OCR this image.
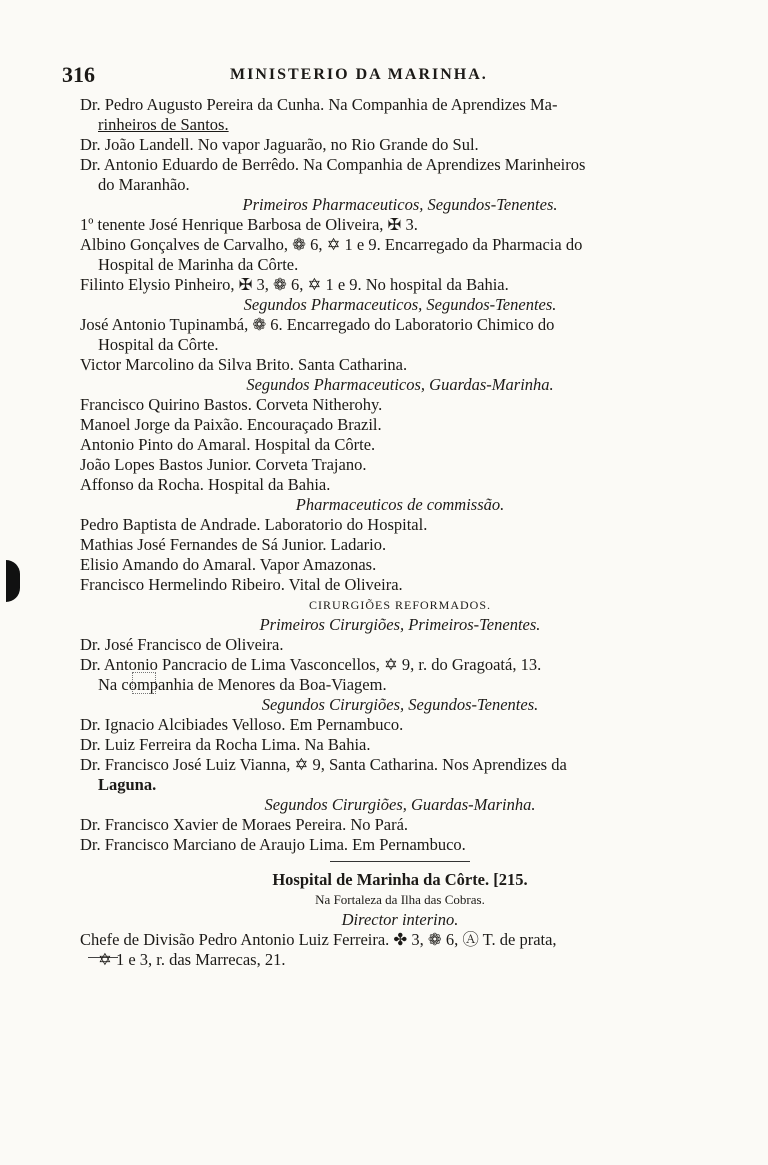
316	MINISTERIO DA MARINHA.
Dr. Pedro Augusto Pereira da Cunha. Na Companhia de Aprendizes Ma-
rinheiros de Santos.
Dr. João Landell. No vapor Jaguarão, no Rio Grande do Sul.
Dr. Antonio Eduardo de Berrêdo. Na Companhia de Aprendizes Marinheiros
do Maranhão.
Primeiros Pharmaceuticos, Segundos-Tenentes.
1º tenente José Henrique Barbosa de Oliveira, ✠ 3.
Albino Gonçalves de Carvalho, ❁ 6, ✡ 1 e 9. Encarregado da Pharmacia do
Hospital de Marinha da Côrte.
Filinto Elysio Pinheiro, ✠ 3, ❁ 6, ✡ 1 e 9. No hospital da Bahia.
Segundos Pharmaceuticos, Segundos-Tenentes.
José Antonio Tupinambá, ❁ 6. Encarregado do Laboratorio Chimico do
Hospital da Côrte.
Victor Marcolino da Silva Brito. Santa Catharina.
Segundos Pharmaceuticos, Guardas-Marinha.
Francisco Quirino Bastos. Corveta Nitherohy.
Manoel Jorge da Paixão. Encouraçado Brazil.
Antonio Pinto do Amaral. Hospital da Côrte.
João Lopes Bastos Junior. Corveta Trajano.
Affonso da Rocha. Hospital da Bahia.
Pharmaceuticos de commissão.
Pedro Baptista de Andrade. Laboratorio do Hospital.
Mathias José Fernandes de Sá Junior. Ladario.
Elisio Amando do Amaral. Vapor Amazonas.
Francisco Hermelindo Ribeiro. Vital de Oliveira.
CIRURGIÕES REFORMADOS.
Primeiros Cirurgiões, Primeiros-Tenentes.
Dr. José Francisco de Oliveira.
Dr. Antonio Pancracio de Lima Vasconcellos, ✡ 9, r. do Gragoatá, 13.
Na companhia de Menores da Boa-Viagem.
Segundos Cirurgiões, Segundos-Tenentes.
Dr. Ignacio Alcibiades Velloso. Em Pernambuco.
Dr. Luiz Ferreira da Rocha Lima. Na Bahia.
Dr. Francisco José Luiz Vianna, ✡ 9, Santa Catharina. Nos Aprendizes da
Laguna.
Segundos Cirurgiões, Guardas-Marinha.
Dr. Francisco Xavier de Moraes Pereira. No Pará.
Dr. Francisco Marciano de Araujo Lima. Em Pernambuco.
Hospital de Marinha da Côrte. [215.
Na Fortaleza da Ilha das Cobras.
Director interino.
Chefe de Divisão Pedro Antonio Luiz Ferreira. ✤ 3, ❁ 6, Ⓐ T. de prata,
✡ 1 e 3, r. das Marrecas, 21.
